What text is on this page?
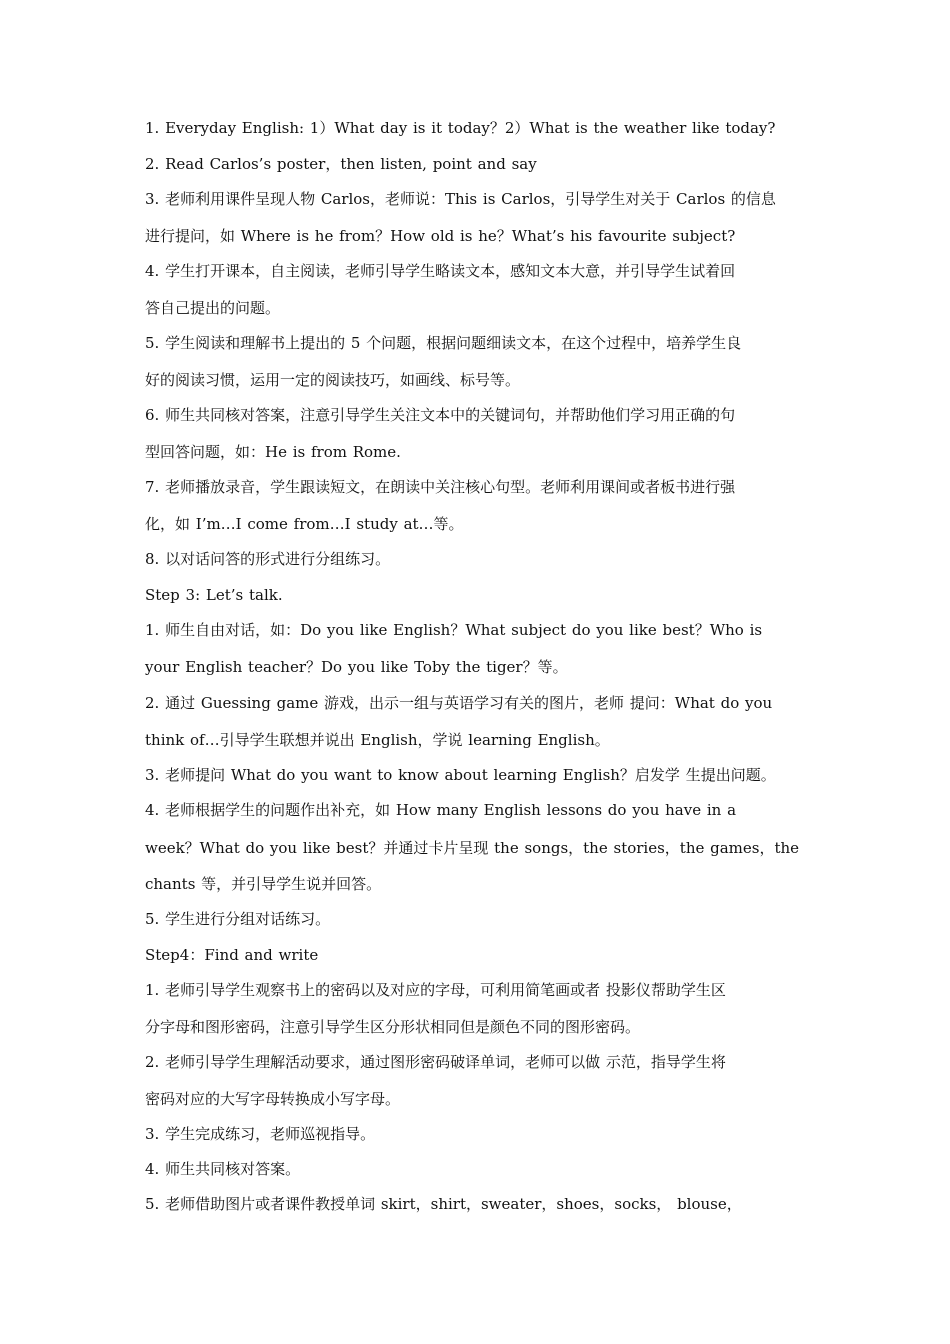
1. Everyday English: 1）What day is it today？2）What is the weather like today?
2. Read Carlos’s poster，then listen, point and say
3. 老师利用课件呈现人物 Carlos，老师说：This is Carlos，引导学生对关于 Carlos 的信息
进行提问，如 Where is he from？How old is he？What’s his favourite subject?
4. 学生打开课本，自主阅读，老师引导学生略读文本，感知文本大意，并引导学生试着回
答自己提出的问题。
5. 学生阅读和理解书上提出的 5 个问题，根据问题细读文本，在这个过程中，培养学生良
好的阅读习惯，运用一定的阅读技巧，如画线、标号等。
6. 师生共同核对答案，注意引导学生关注文本中的关键词句，并帮助他们学习用正确的句
型回答问题，如：He is from Rome.
7. 老师播放录音，学生跟读短文，在朗读中关注核心句型。老师利用课间或者板书进行强
化，如 I’m…I come from…I study at…等。
8. 以对话问答的形式进行分组练习。
Step 3: Let’s talk.
1. 师生自由对话，如：Do you like English？What subject do you like best？Who is
your English teacher？Do you like Toby the tiger？等。
2. 通过 Guessing game 游戏，出示一组与英语学习有关的图片，老师 提问：What do you
think of…引导学生联想并说出 English，学说 learning English。
3. 老师提问 What do you want to know about learning English？启发学 生提出问题。
4. 老师根据学生的问题作出补充，如 How many English lessons do you have in a
week？What do you like best？并通过卡片呈现 the songs，the stories，the games，the
chants 等，并引导学生说并回答。
5. 学生进行分组对话练习。
Step4：Find and write
1. 老师引导学生观察书上的密码以及对应的字母，可利用简笔画或者 投影仪帮助学生区
分字母和图形密码，注意引导学生区分形状相同但是颜色不同的图形密码。
2. 老师引导学生理解活动要求，通过图形密码破译单词，老师可以做 示范，指导学生将
密码对应的大写字母转换成小写字母。
3. 学生完成练习，老师巡视指导。
4. 师生共同核对答案。
5. 老师借助图片或者课件教授单词 skirt，shirt，sweater，shoes，socks， blouse，
